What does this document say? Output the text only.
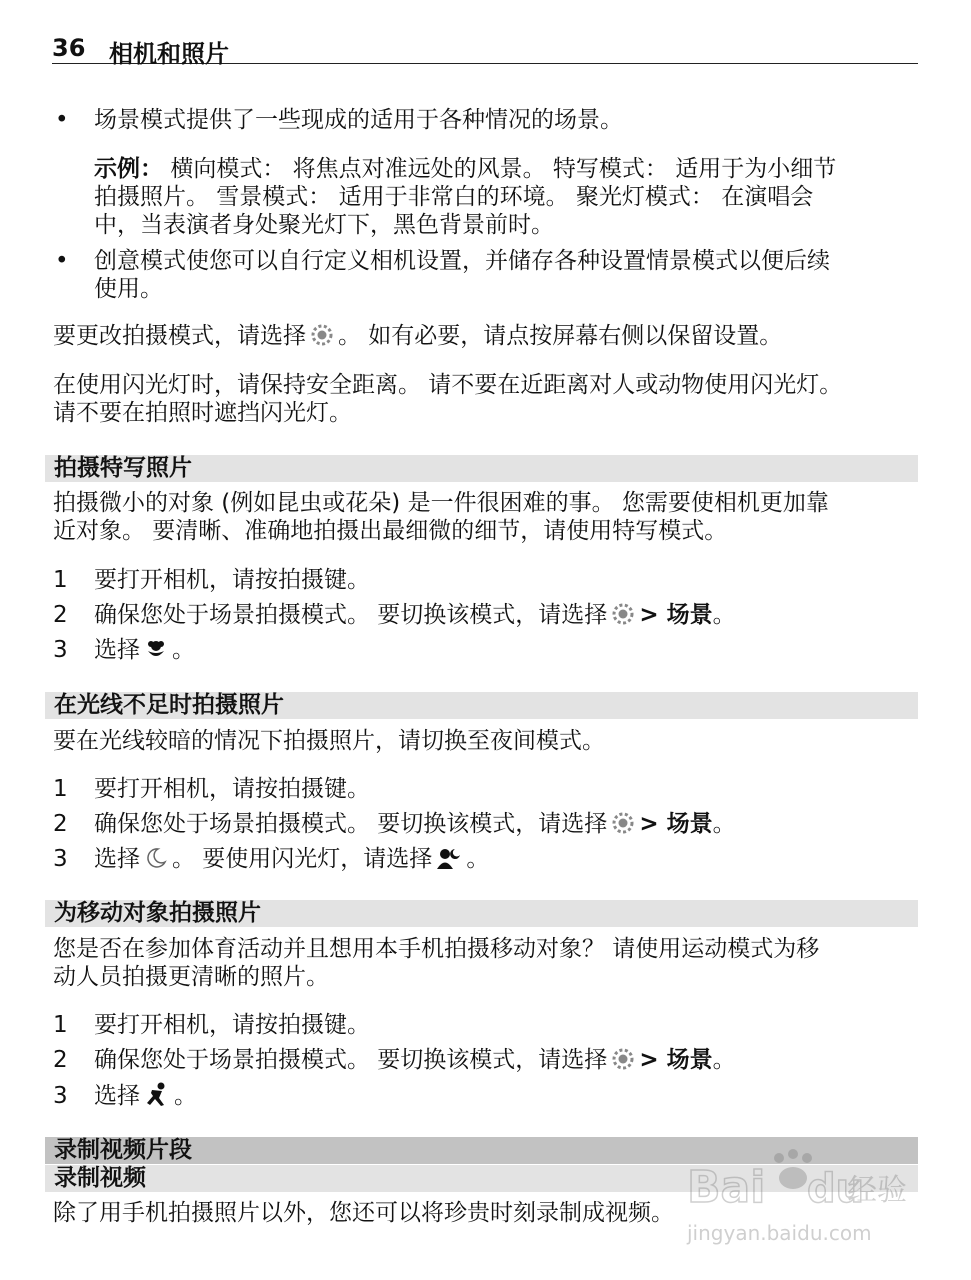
36 相机和照片
• 场景模式提供了一些现成的适用于各种情况的场景。
示例： 横向模式： 将焦点对准远处的风景。 特写模式： 适用于为小细节
拍摄照片。 雪景模式： 适用于非常白的环境。 聚光灯模式： 在演唱会
中，当表演者身处聚光灯下，黑色背景前时。
• 创意模式使您可以自行定义相机设置，并储存各种设置情景模式以便后续
使用。
要更改拍摄模式，请选择 。 如有必要，请点按屏幕右侧以保留设置。
在使用闪光灯时，请保持安全距离。 请不要在近距离对人或动物使用闪光灯。
请不要在拍照时遮挡闪光灯。
拍摄特写照片
拍摄微小的对象 (例如昆虫或花朵) 是一件很困难的事。 您需要使相机更加靠
近对象。 要清晰、准确地拍摄出最细微的细节，请使用特写模式。
1 要打开相机，请按拍摄键。
2 确保您处于场景拍摄模式。 要切换该模式，请选择 > 场景。
3 选择 。
在光线不足时拍摄照片
要在光线较暗的情况下拍摄照片，请切换至夜间模式。
1 要打开相机，请按拍摄键。
2 确保您处于场景拍摄模式。 要切换该模式，请选择 > 场景。
3 选择 。 要使用闪光灯，请选择 。
为移动对象拍摄照片
您是否在参加体育活动并且想用本手机拍摄移动对象？ 请使用运动模式为移
动人员拍摄更清晰的照片。
1 要打开相机，请按拍摄键。
2 确保您处于场景拍摄模式。 要切换该模式，请选择 > 场景。
3 选择 。
录制视频片段
录制视频
除了用手机拍摄照片以外，您还可以将珍贵时刻录制成视频。 Bai du
经验
jingyan.baidu.com
